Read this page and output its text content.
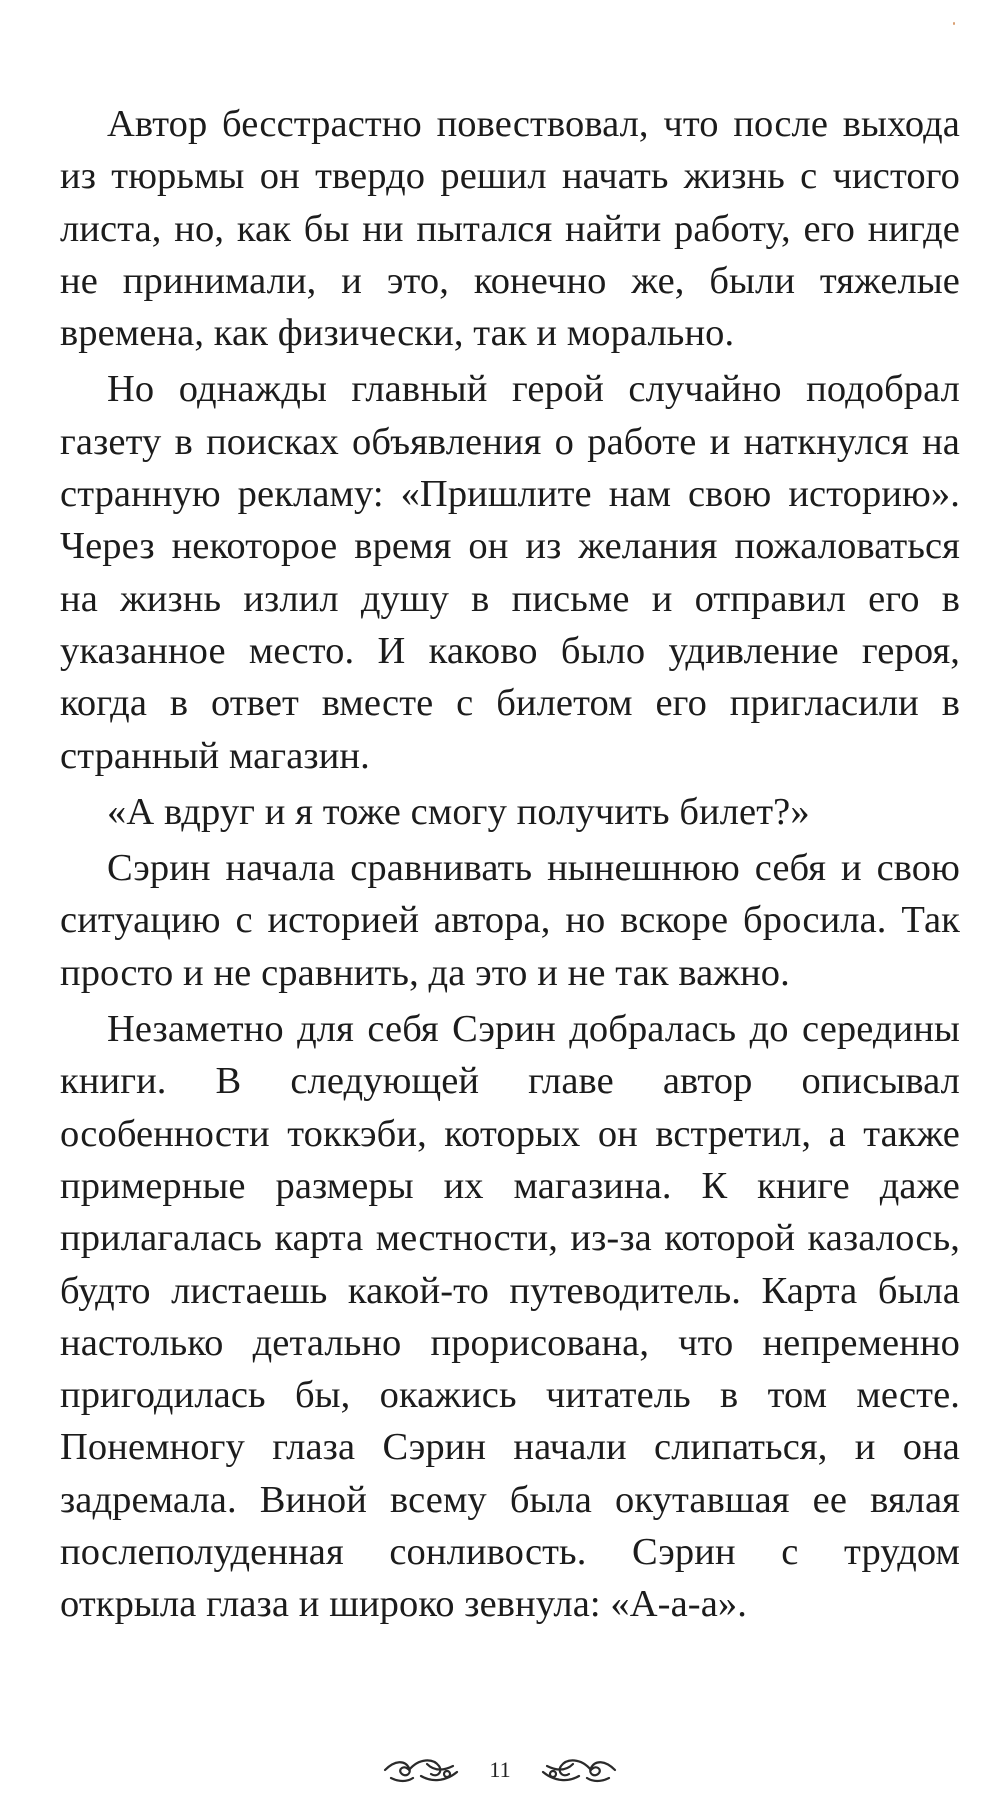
Автор бесстрастно повествовал, что после выхода из тюрьмы он твердо решил начать жизнь с чистого листа, но, как бы ни пытался найти работу, его нигде не принимали, и это, конечно же, были тяжелые времена, как физически, так и морально.

Но однажды главный герой случайно подобрал газету в поисках объявления о работе и наткнулся на странную рекламу: «Пришлите нам свою историю». Через некоторое время он из желания пожаловаться на жизнь излил душу в письме и отправил его в указанное место. И каково было удивление героя, когда в ответ вместе с билетом его пригласили в странный магазин.

«А вдруг и я тоже смогу получить билет?»

Сэрин начала сравнивать нынешнюю себя и свою ситуацию с историей автора, но вскоре бросила. Так просто и не сравнить, да это и не так важно.

Незаметно для себя Сэрин добралась до середины книги. В следующей главе автор описывал особенности токкэби, которых он встретил, а также примерные размеры их магазина. К книге даже прилагалась карта местности, из-за которой казалось, будто листаешь какой-то путеводитель. Карта была настолько детально прорисована, что непременно пригодилась бы, окажись читатель в том месте. Понемногу глаза Сэрин начали слипаться, и она задремала. Виной всему была окутавшая ее вялая послеполуденная сонливость. Сэрин с трудом открыла глаза и широко зевнула: «А-а-а».

11
